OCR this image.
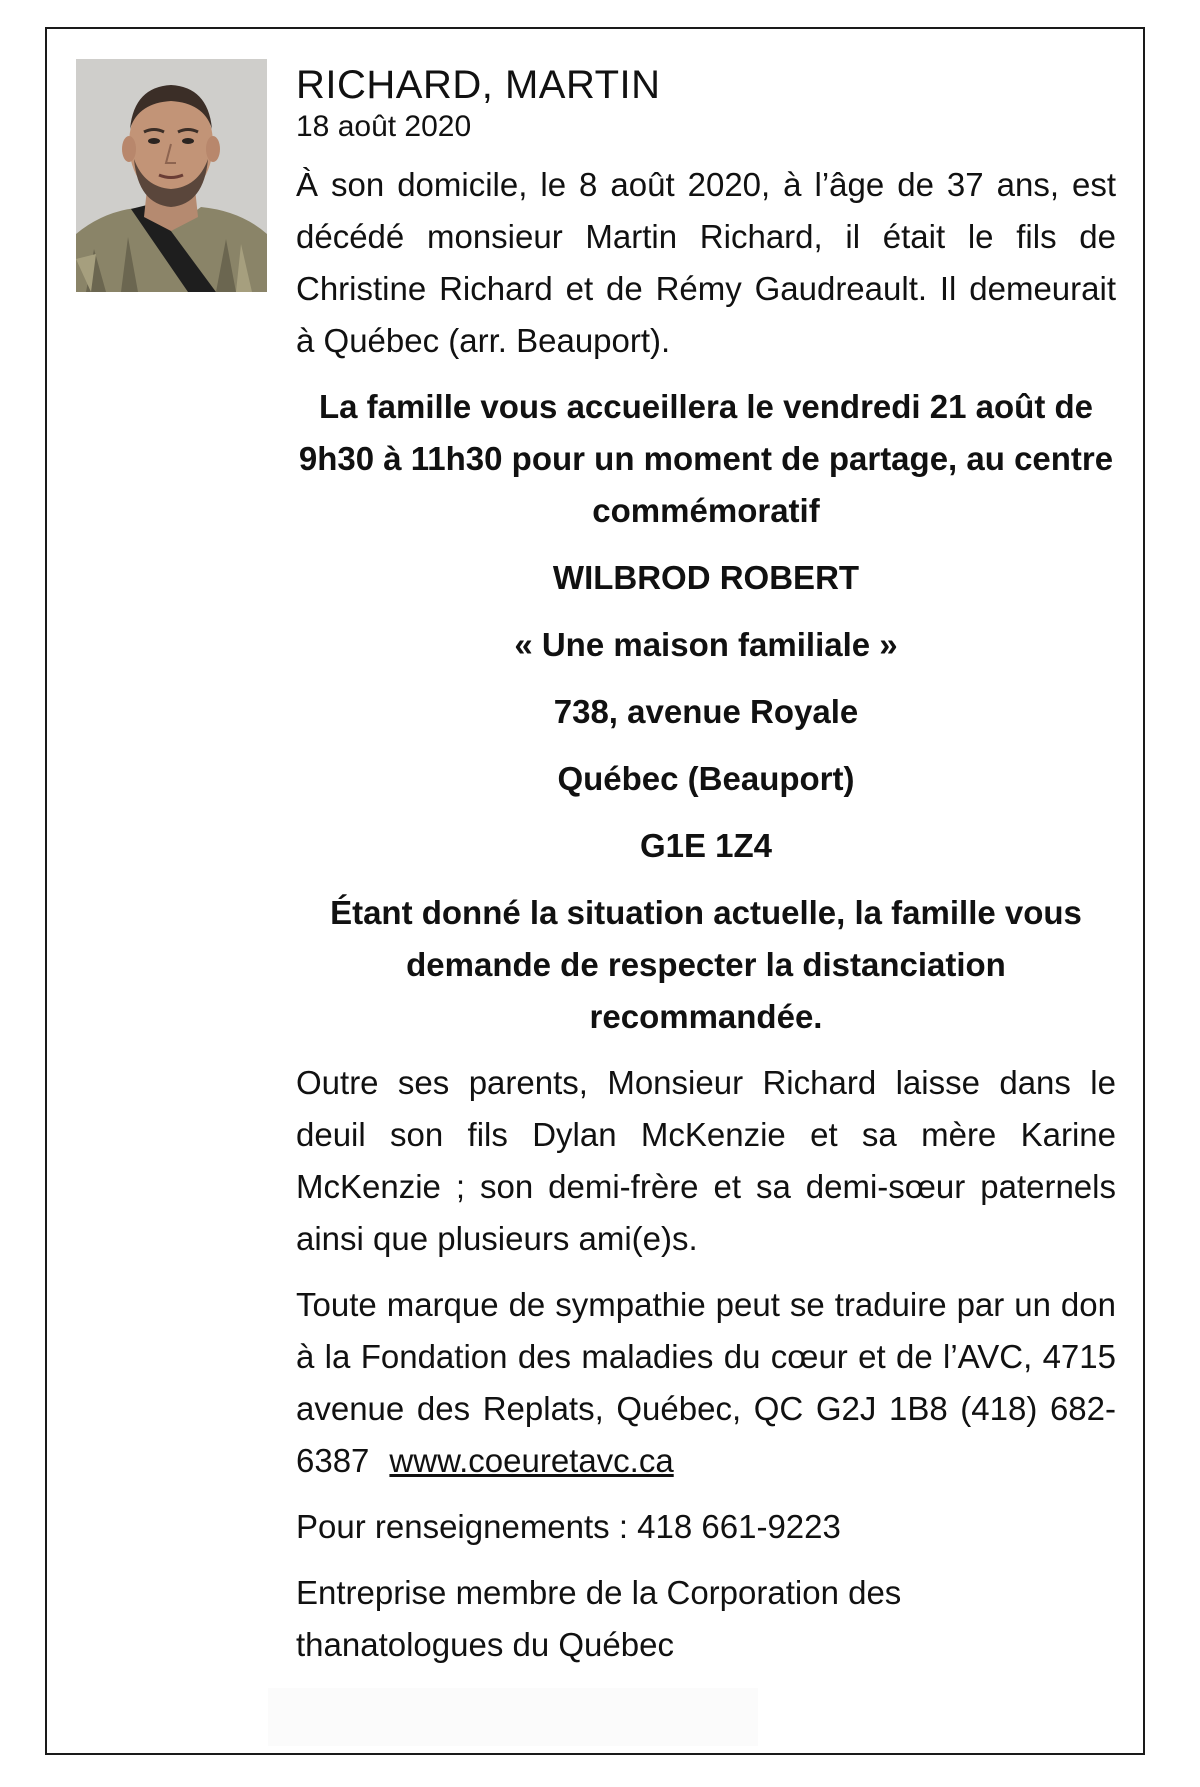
RICHARD, MARTIN
18 août 2020

À son domicile, le 8 août 2020, à l’âge de 37 ans, est décédé monsieur Martin Richard, il était le fils de Christine Richard et de Rémy Gaudreault. Il demeurait à Québec (arr. Beauport).

La famille vous accueillera le vendredi 21 août de 9h30 à 11h30 pour un moment de partage, au centre commémoratif

WILBROD ROBERT

« Une maison familiale »

738, avenue Royale

Québec (Beauport)

G1E 1Z4

Étant donné la situation actuelle, la famille vous demande de respecter la distanciation recommandée.

Outre ses parents, Monsieur Richard laisse dans le deuil son fils Dylan McKenzie et sa mère Karine McKenzie ; son demi-frère et sa demi-sœur paternels ainsi que plusieurs ami(e)s.

Toute marque de sympathie peut se traduire par un don à la Fondation des maladies du cœur et de l’AVC, 4715 avenue des Replats, Québec, QC G2J 1B8 (418) 682-6387 www.coeuretavc.ca

Pour renseignements : 418 661-9223

Entreprise membre de la Corporation des thanatologues du Québec
